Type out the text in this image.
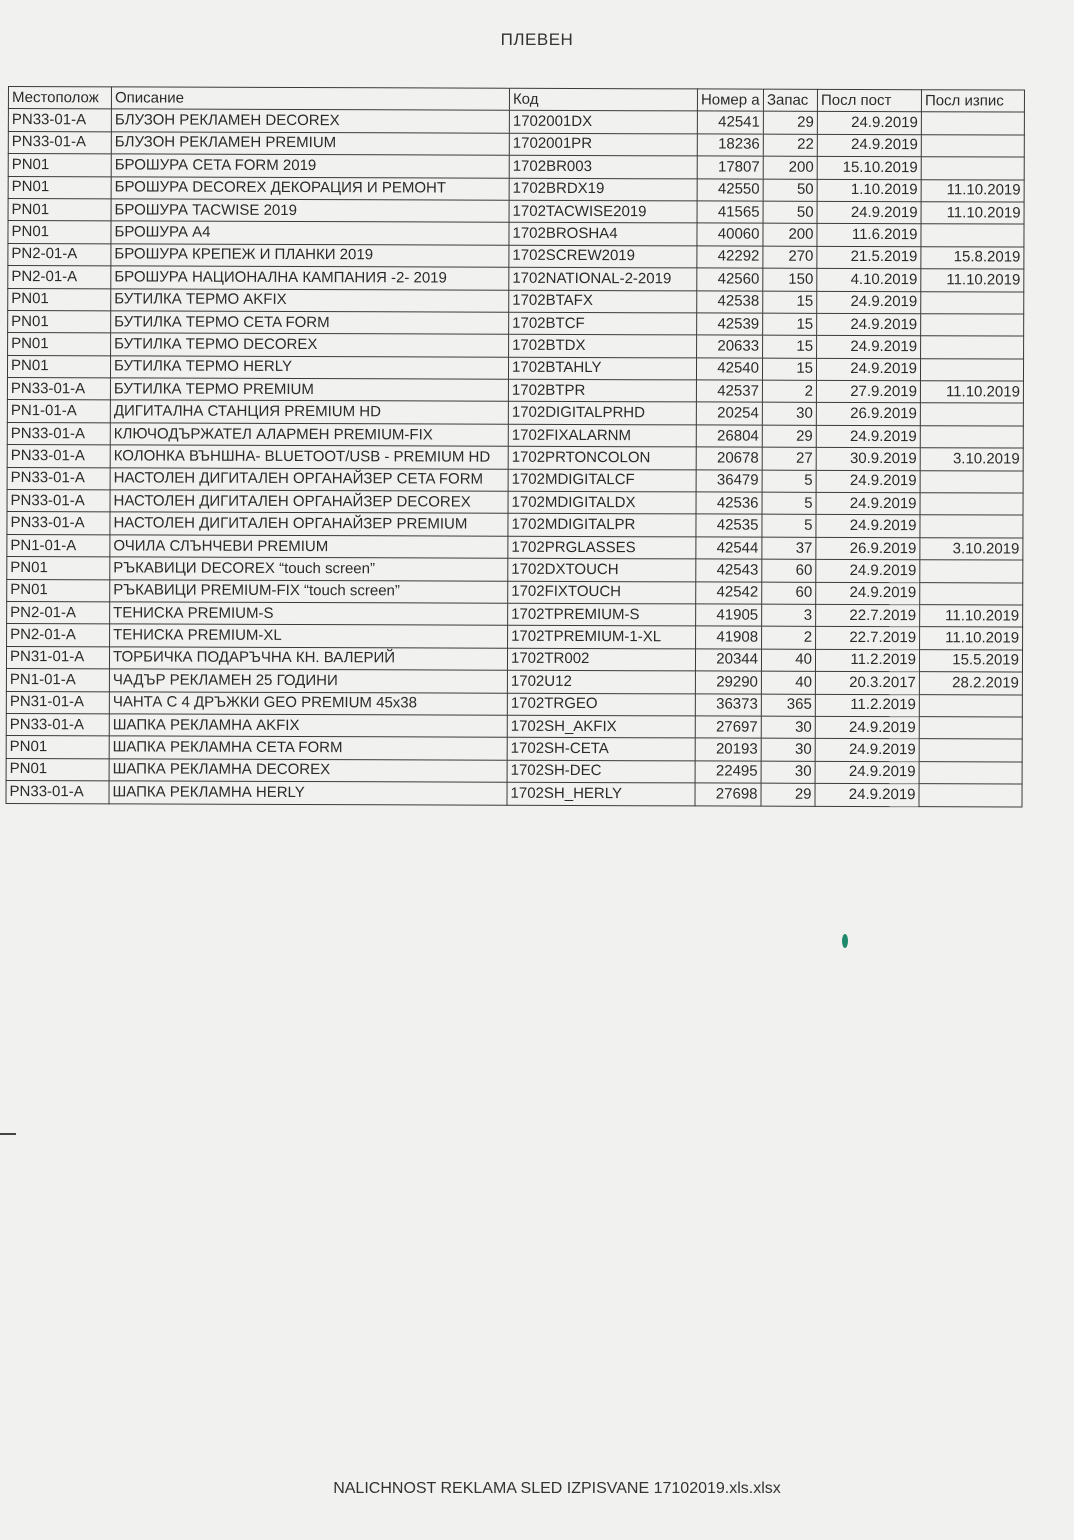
ПЛЕВЕН
Местополож	Описание	Код	Номер а	Запас	Посл пост	Посл изпис
PN33-01-A	БЛУЗОН РЕКЛАМЕН DECOREX	1702001DX	42541	29	24.9.2019	
PN33-01-A	БЛУЗОН РЕКЛАМЕН PREMIUM	1702001PR	18236	22	24.9.2019	
PN01	БРОШУРА CETA FORM 2019	1702BR003	17807	200	15.10.2019	
PN01	БРОШУРА DECOREX ДЕКОРАЦИЯ И РЕМОНТ	1702BRDX19	42550	50	1.10.2019	11.10.2019
PN01	БРОШУРА TACWISE 2019	1702TACWISE2019	41565	50	24.9.2019	11.10.2019
PN01	БРОШУРА A4	1702BROSHA4	40060	200	11.6.2019	
PN2-01-A	БРОШУРА КРЕПЕЖ И ПЛАНКИ 2019	1702SCREW2019	42292	270	21.5.2019	15.8.2019
PN2-01-A	БРОШУРА НАЦИОНАЛНА КАМПАНИЯ -2- 2019	1702NATIONAL-2-2019	42560	150	4.10.2019	11.10.2019
PN01	БУТИЛКА ТЕРМО AKFIX	1702BTAFX	42538	15	24.9.2019	
PN01	БУТИЛКА ТЕРМО CETA FORM	1702BTCF	42539	15	24.9.2019	
PN01	БУТИЛКА ТЕРМО DECOREX	1702BTDX	20633	15	24.9.2019	
PN01	БУТИЛКА ТЕРМО HERLY	1702BTAHLY	42540	15	24.9.2019	
PN33-01-A	БУТИЛКА ТЕРМО PREMIUM	1702BTPR	42537	2	27.9.2019	11.10.2019
PN1-01-A	ДИГИТАЛНА СТАНЦИЯ PREMIUM HD	1702DIGITALPRHD	20254	30	26.9.2019	
PN33-01-A	КЛЮЧОДЪРЖАТЕЛ АЛАРМЕН PREMIUM-FIX	1702FIXALARNM	26804	29	24.9.2019	
PN33-01-A	КОЛОНКА ВЪНШНА- BLUETOOT/USB - PREMIUM HD	1702PRTONCOLON	20678	27	30.9.2019	3.10.2019
PN33-01-A	НАСТОЛЕН ДИГИТАЛЕН ОРГАНАЙЗЕР CETA FORM	1702MDIGITALCF	36479	5	24.9.2019	
PN33-01-A	НАСТОЛЕН ДИГИТАЛЕН ОРГАНАЙЗЕР DECOREX	1702MDIGITALDX	42536	5	24.9.2019	
PN33-01-A	НАСТОЛЕН ДИГИТАЛЕН ОРГАНАЙЗЕР PREMIUM	1702MDIGITALPR	42535	5	24.9.2019	
PN1-01-A	ОЧИЛА СЛЪНЧЕВИ PREMIUM	1702PRGLASSES	42544	37	26.9.2019	3.10.2019
PN01	РЪКАВИЦИ DECOREX “touch screen”	1702DXTOUCH	42543	60	24.9.2019	
PN01	РЪКАВИЦИ PREMIUM-FIX “touch screen”	1702FIXTOUCH	42542	60	24.9.2019	
PN2-01-A	ТЕНИСКА PREMIUM-S	1702TPREMIUM-S	41905	3	22.7.2019	11.10.2019
PN2-01-A	ТЕНИСКА PREMIUM-XL	1702TPREMIUM-1-XL	41908	2	22.7.2019	11.10.2019
PN31-01-A	ТОРБИЧКА ПОДАРЪЧНА КН. ВАЛЕРИЙ	1702TR002	20344	40	11.2.2019	15.5.2019
PN1-01-A	ЧАДЪР РЕКЛАМЕН 25 ГОДИНИ	1702U12	29290	40	20.3.2017	28.2.2019
PN31-01-A	ЧАНТА С 4 ДРЪЖКИ GEO PREMIUM 45x38	1702TRGEO	36373	365	11.2.2019	
PN33-01-A	ШАПКА РЕКЛАМНА AKFIX	1702SH_AKFIX	27697	30	24.9.2019	
PN01	ШАПКА РЕКЛАМНА CETA FORM	1702SH-CETA	20193	30	24.9.2019	
PN01	ШАПКА РЕКЛАМНА DECOREX	1702SH-DEC	22495	30	24.9.2019	
PN33-01-A	ШАПКА РЕКЛАМНА HERLY	1702SH_HERLY	27698	29	24.9.2019	
NALICHNOST REKLAMA SLED IZPISVANE 17102019.xls.xlsx
